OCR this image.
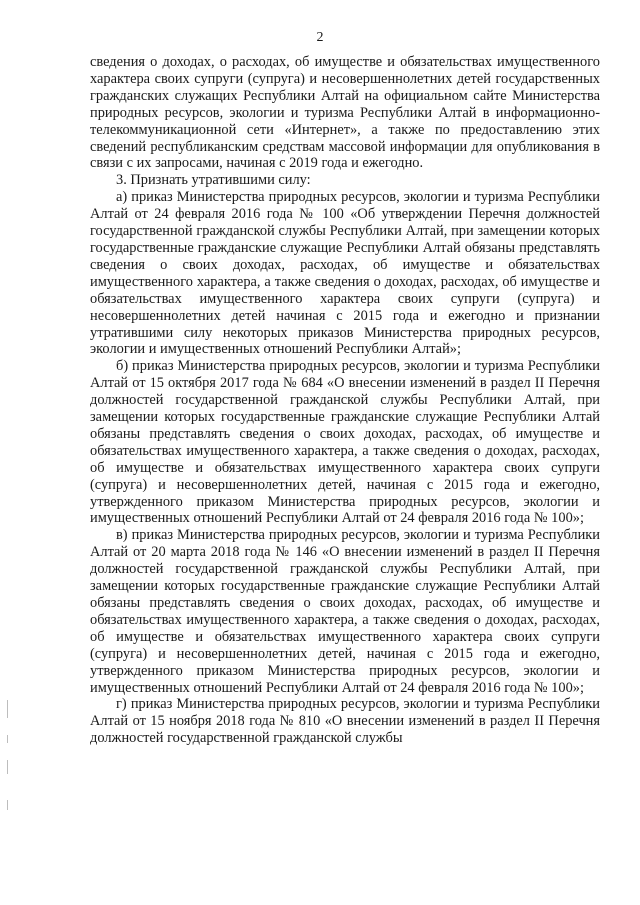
2

сведения о доходах, о расходах, об имуществе и обязательствах имущественного характера своих супруги (супруга) и несовершеннолетних детей государственных гражданских служащих Республики Алтай на официальном сайте Министерства природных ресурсов, экологии и туризма Республики Алтай в информационно- телекоммуникационной сети «Интернет», а также по предоставлению этих сведений республиканским средствам массовой информации для опубликования в связи с их запросами, начиная с 2019 года и ежегодно.

3. Признать утратившими силу:

а) приказ Министерства природных ресурсов, экологии и туризма Республики Алтай от 24 февраля 2016 года № 100 «Об утверждении Перечня должностей государственной гражданской службы Республики Алтай, при замещении которых государственные гражданские служащие Республики Алтай обязаны представлять сведения о своих доходах, расходах, об имуществе и обязательствах имущественного характера, а также сведения о доходах, расходах, об имуществе и обязательствах имущественного характера своих супруги (супруга) и несовершеннолетних детей начиная с 2015 года и ежегодно и признании утратившими силу некоторых приказов Министерства природных ресурсов, экологии и имущественных отношений Республики Алтай»;

б) приказ Министерства природных ресурсов, экологии и туризма Республики Алтай от 15 октября 2017 года № 684 «О внесении изменений в раздел II Перечня должностей государственной гражданской службы Республики Алтай, при замещении которых государственные гражданские служащие Республики Алтай обязаны представлять сведения о своих доходах, расходах, об имуществе и обязательствах имущественного характера, а также сведения о доходах, расходах, об имуществе и обязательствах имущественного характера своих супруги (супруга) и несовершеннолетних детей, начиная с 2015 года и ежегодно, утвержденного приказом Министерства природных ресурсов, экологии и имущественных отношений Республики Алтай от 24 февраля 2016 года № 100»;

в) приказ Министерства природных ресурсов, экологии и туризма Республики Алтай от 20 марта 2018 года № 146 «О внесении изменений в раздел II Перечня должностей государственной гражданской службы Республики Алтай, при замещении которых государственные гражданские служащие Республики Алтай обязаны представлять сведения о своих доходах, расходах, об имуществе и обязательствах имущественного характера, а также сведения о доходах, расходах, об имуществе и обязательствах имущественного характера своих супруги (супруга) и несовершеннолетних детей, начиная с 2015 года и ежегодно, утвержденного приказом Министерства природных ресурсов, экологии и имущественных отношений Республики Алтай от 24 февраля 2016 года № 100»;

г) приказ Министерства природных ресурсов, экологии и туризма Республики Алтай от 15 ноября 2018 года № 810 «О внесении изменений в раздел II Перечня должностей государственной гражданской службы
